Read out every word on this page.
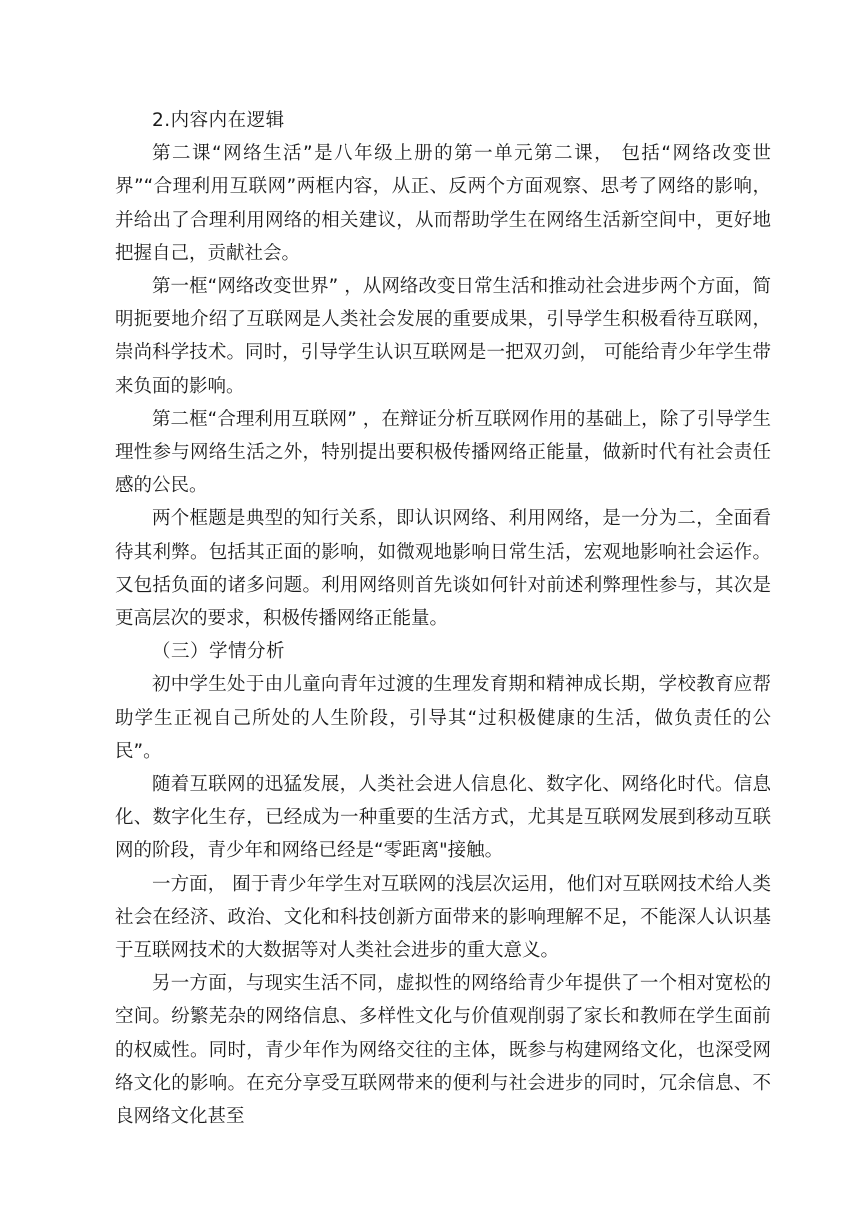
2.内容内在逻辑

第二课“网络生活”是八年级上册的第一单元第二课， 包括“网络改变世界”“合理利用互联网”两框内容，从正、反两个方面观察、思考了网络的影响，并给出了合理利用网络的相关建议，从而帮助学生在网络生活新空间中，更好地把握自己，贡献社会。

第一框“网络改变世界” ，从网络改变日常生活和推动社会进步两个方面，简明扼要地介绍了互联网是人类社会发展的重要成果，引导学生积极看待互联网，崇尚科学技术。同时，引导学生认识互联网是一把双刃剑， 可能给青少年学生带来负面的影响。

第二框“合理利用互联网” ，在辩证分析互联网作用的基础上，除了引导学生理性参与网络生活之外，特别提出要积极传播网络正能量，做新时代有社会责任感的公民。

两个框题是典型的知行关系，即认识网络、利用网络，是一分为二，全面看待其利弊。包括其正面的影响，如微观地影响日常生活，宏观地影响社会运作。又包括负面的诸多问题。利用网络则首先谈如何针对前述利弊理性参与，其次是更高层次的要求，积极传播网络正能量。

（三）学情分析

初中学生处于由儿童向青年过渡的生理发育期和精神成长期，学校教育应帮助学生正视自己所处的人生阶段，引导其“过积极健康的生活，做负责任的公民”。

随着互联网的迅猛发展，人类社会进人信息化、数字化、网络化时代。信息化、数字化生存，已经成为一种重要的生活方式，尤其是互联网发展到移动互联网的阶段，青少年和网络已经是“零距离"接触。

一方面， 囿于青少年学生对互联网的浅层次运用，他们对互联网技术给人类社会在经济、政治、文化和科技创新方面带来的影响理解不足，不能深人认识基于互联网技术的大数据等对人类社会进步的重大意义。

另一方面，与现实生活不同，虚拟性的网络给青少年提供了一个相对宽松的空间。纷繁芜杂的网络信息、多样性文化与价值观削弱了家长和教师在学生面前的权威性。同时，青少年作为网络交往的主体，既参与构建网络文化，也深受网络文化的影响。在充分享受互联网带来的便利与社会进步的同时，冗余信息、不良网络文化甚至
